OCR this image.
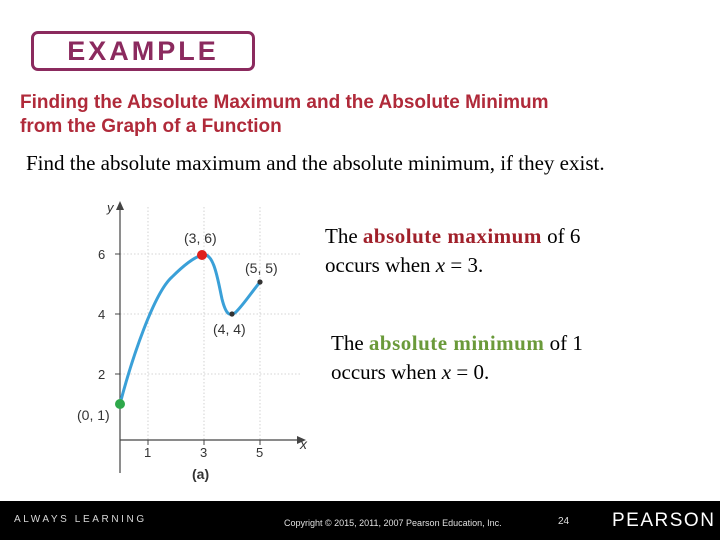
EXAMPLE
Finding the Absolute Maximum and the Absolute Minimum
from the Graph of a Function
Find the absolute maximum and the absolute minimum, if they exist.
y
x
2
4
6
1	3	5
(a)
(3, 6)
(5, 5)
(4, 4)
(0, 1)
The absolute maximum of 6
occurs when x = 3.
The absolute minimum of 1
occurs when x = 0.
ALWAYS LEARNING	Copyright © 2015, 2011, 2007 Pearson Education, Inc.	24 PEARSON
